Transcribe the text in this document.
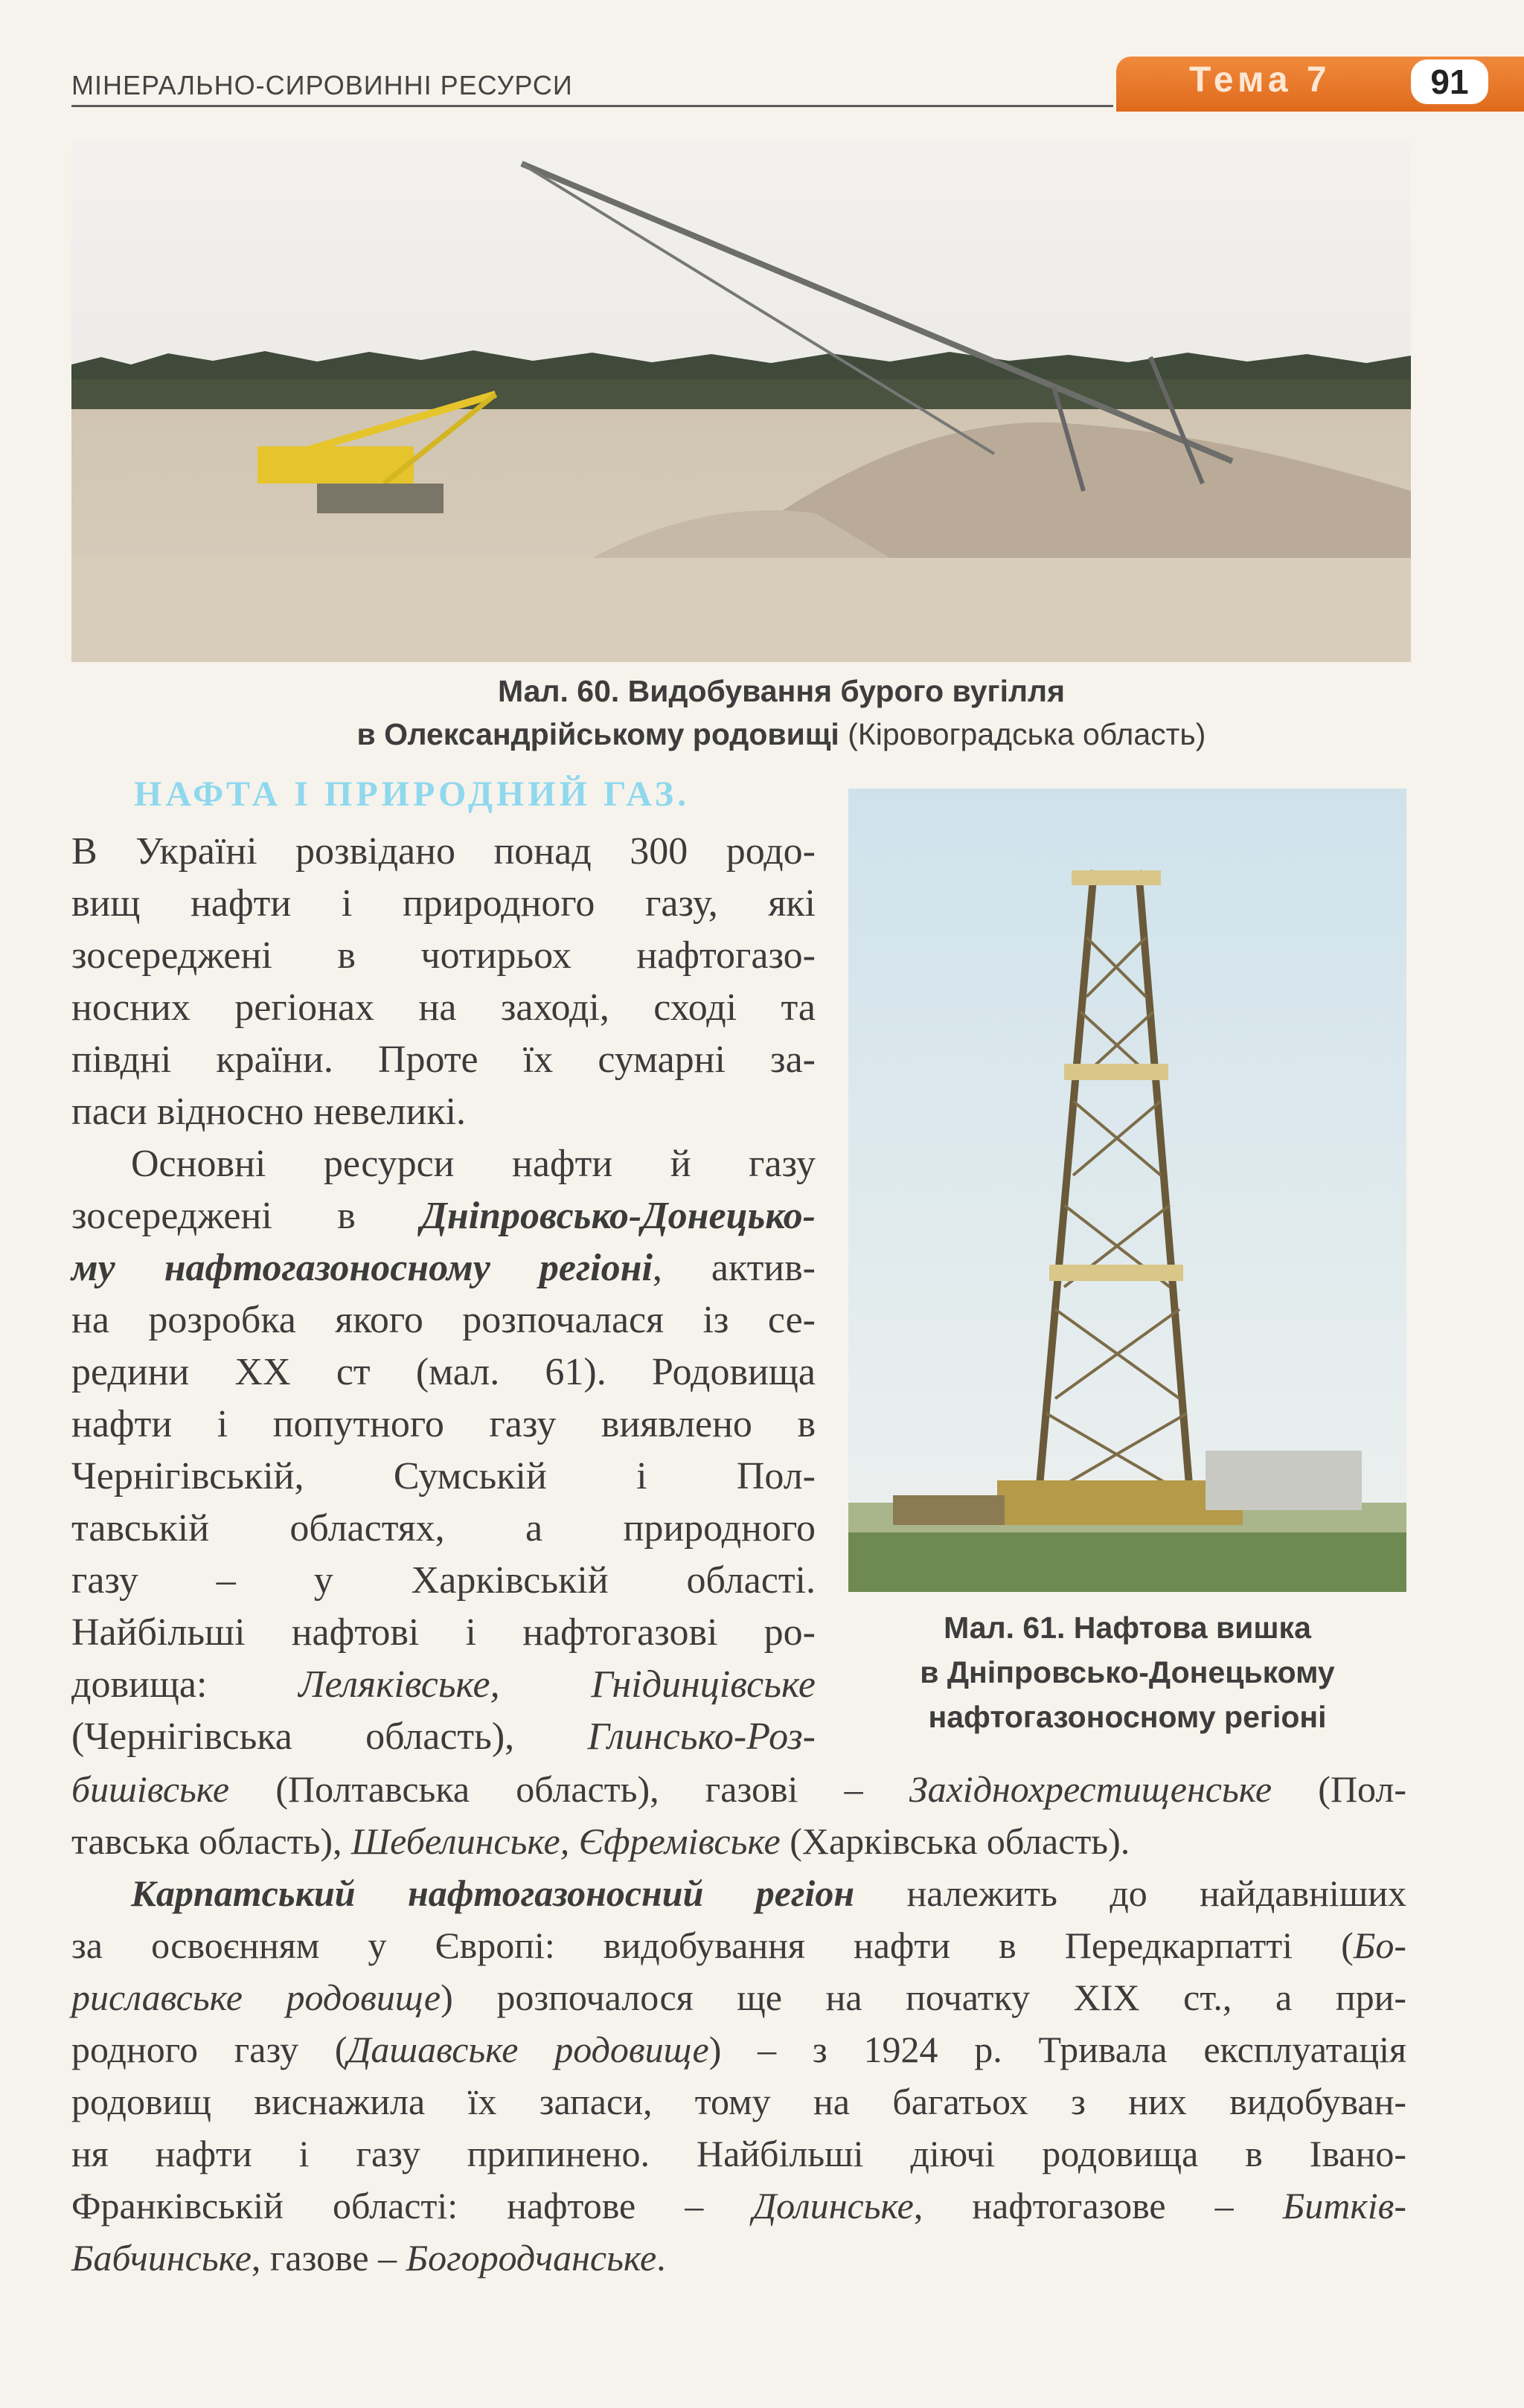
МІНЕРАЛЬНО-СИРОВИННІ РЕСУРСИ	Тема 7	91
Мал. 60. Видобування бурого вугілля
в Олександрійському родовищі (Кіровоградська область)
Мал. 61. Нафтова вишка
в Дніпровсько-Донецькому
нафтогазоносному регіоні
НАФТА І ПРИРОДНИЙ ГАЗ.
В Україні розвідано понад 300 родо-
вищ нафти і природного газу, які
зосереджені в чотирьох нафтогазо-
носних регіонах на заході, сході та
півдні країни. Проте їх сумарні за-
паси відносно невеликі.
Основні ресурси нафти й газу
зосереджені в Дніпровсько-Донецько-
му нафтогазоносному регіоні, актив-
на розробка якого розпочалася із се-
редини XX ст (мал. 61). Родовища
нафти і попутного газу виявлено в
Чернігівській, Сумській і Пол-
тавській областях, а природного
газу – у Харківській області.
Найбільші нафтові і нафтогазові ро-
довища: Леляківське, Гнідинцівське
(Чернігівська область), Глинсько-Роз-
бишівське (Полтавська область), газові – Західнохрестищенське (Пол-
тавська область), Шебелинське, Єфремівське (Харківська область).
Карпатський нафтогазоносний регіон належить до найдавніших
за освоєнням у Європі: видобування нафти в Передкарпатті (Бо-
риславське родовище) розпочалося ще на початку XIX ст., а при-
родного газу (Дашавське родовище) – з 1924 р. Тривала експлуатація
родовищ виснажила їх запаси, тому на багатьох з них видобуван-
ня нафти і газу припинено. Найбільші діючі родовища в Івано-
Франківській області: нафтове – Долинське, нафтогазове – Битків-
Бабчинське, газове – Богородчанське.
